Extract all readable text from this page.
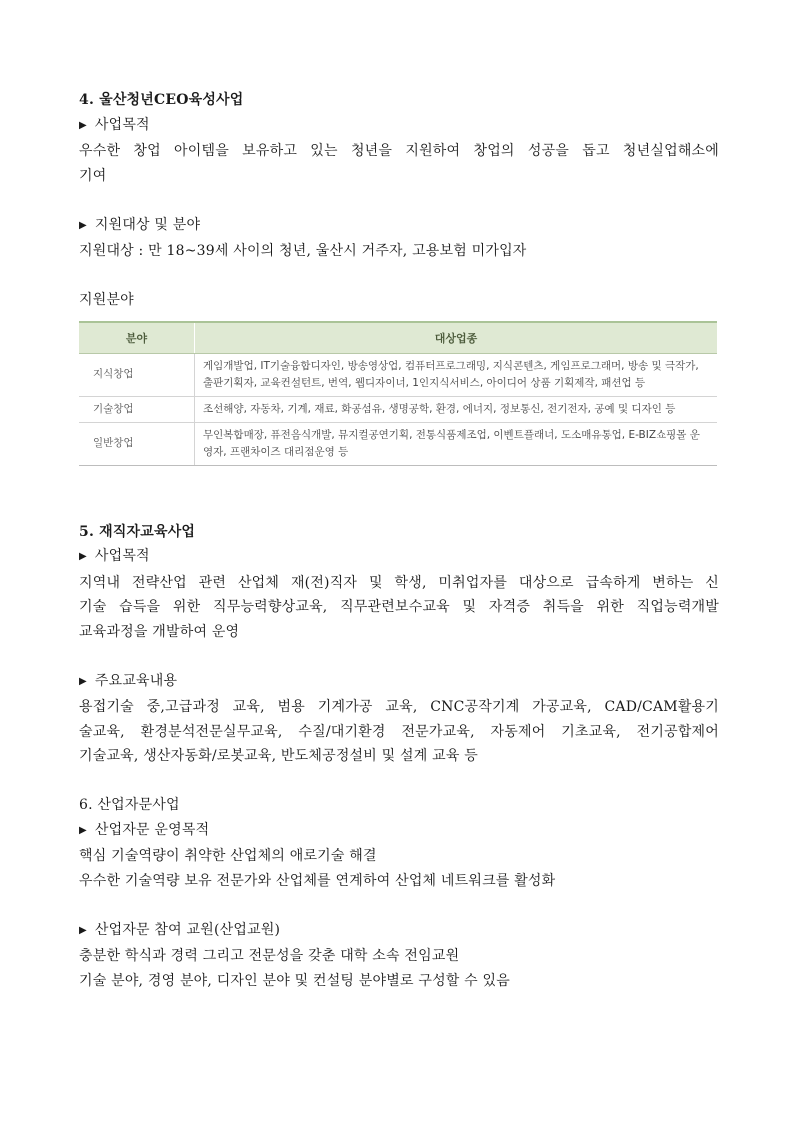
4. 울산청년CEO육성사업
▶ 사업목적
우수한 창업 아이템을 보유하고 있는 청년을 지원하여 창업의 성공을 돕고 청년실업해소에
기여
▶ 지원대상 및 분야
지원대상 : 만 18~39세 사이의 청년, 울산시 거주자, 고용보험 미가입자
지원분야
분야	대상업종
지식창업	게임개발업, IT기술융합디자인, 방송영상업, 컴퓨터프로그래밍, 지식콘텐츠, 게임프로그래머, 방송 및 극작가, 출판기획자, 교육컨설턴트, 번역, 웹디자이너, 1인지식서비스, 아이디어 상품 기획제작, 패션업 등
기술창업	조선해양, 자동차, 기계, 재료, 화공섬유, 생명공학, 환경, 에너지, 정보통신, 전기전자, 공예 및 디자인 등
일반창업	무인복합매장, 퓨전음식개발, 뮤지컬공연기획, 전통식품제조업, 이벤트플래너, 도소매유통업, E-BIZ쇼핑몰 운영자, 프랜차이즈 대리점운영 등
5. 재직자교육사업
▶ 사업목적
지역내 전략산업 관련 산업체 재(전)직자 및 학생, 미취업자를 대상으로 급속하게 변하는 신
기술 습득을 위한 직무능력향상교육, 직무관련보수교육 및 자격증 취득을 위한 직업능력개발
교육과정을 개발하여 운영
▶ 주요교육내용
용접기술 중,고급과정 교육, 범용 기계가공 교육, CNC공작기계 가공교육, CAD/CAM활용기
술교육, 환경분석전문실무교육, 수질/대기환경 전문가교육, 자동제어 기초교육, 전기공합제어
기술교육, 생산자동화/로봇교육, 반도체공정설비 및 설계 교육 등
6. 산업자문사업
▶ 산업자문 운영목적
핵심 기술역량이 취약한 산업체의 애로기술 해결
우수한 기술역량 보유 전문가와 산업체를 연계하여 산업체 네트워크를 활성화
▶ 산업자문 참여 교원(산업교원)
충분한 학식과 경력 그리고 전문성을 갖춘 대학 소속 전임교원
기술 분야, 경영 분야, 디자인 분야 및 컨설팅 분야별로 구성할 수 있음
